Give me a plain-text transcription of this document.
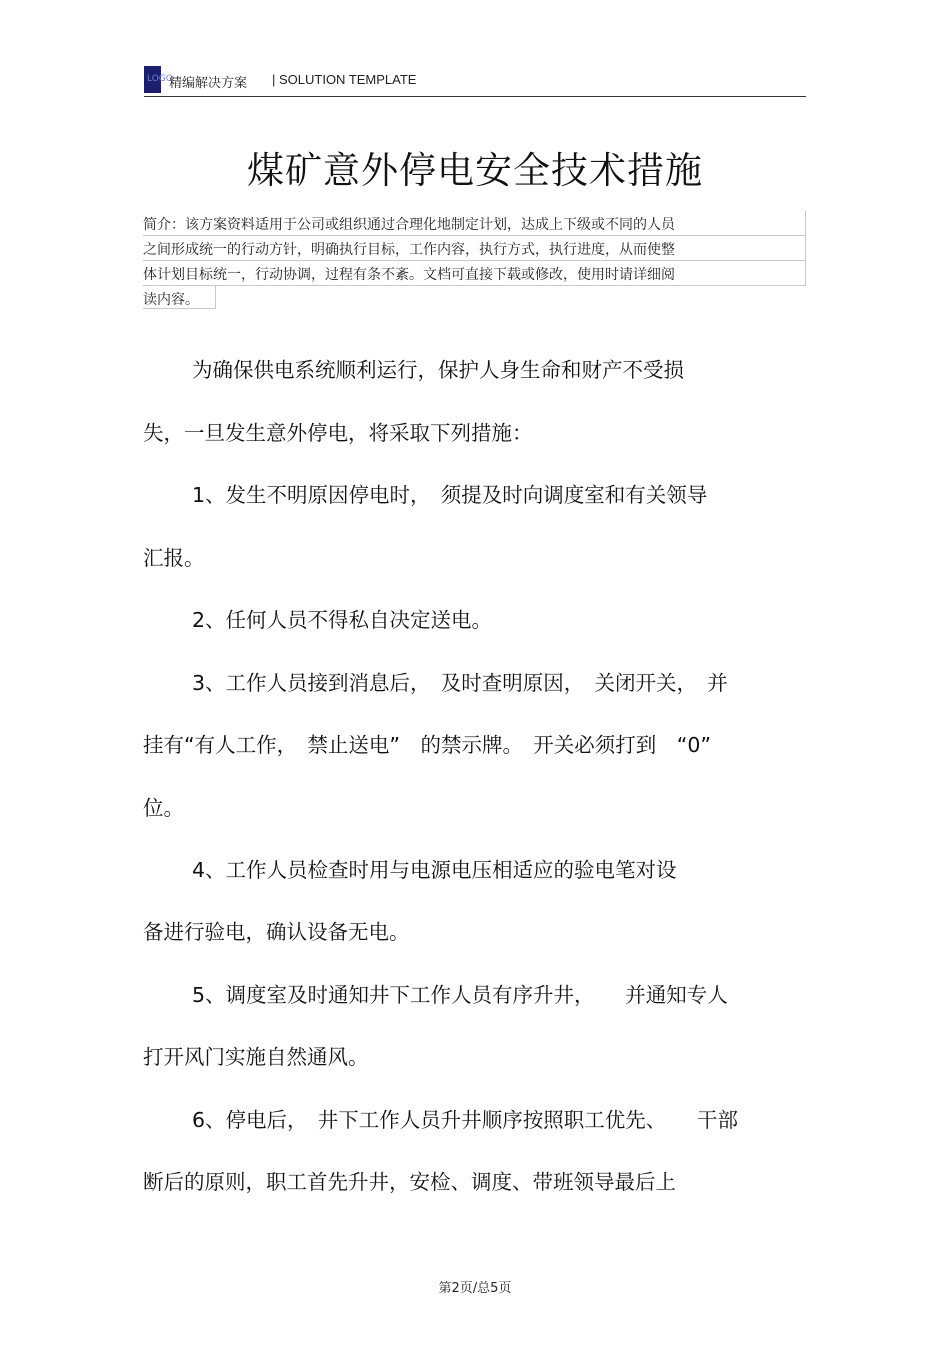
LOGO
精编解决方案 | SOLUTION TEMPLATE
煤矿意外停电安全技术措施
简介：该方案资料适用于公司或组织通过合理化地制定计划，达成上下级或不同的人员
之间形成统一的行动方针，明确执行目标，工作内容，执行方式，执行进度，从而使整
体计划目标统一，行动协调，过程有条不紊。文档可直接下载或修改，使用时请详细阅
读内容。
为确保供电系统顺利运行，保护人身生命和财产不受损
失，一旦发生意外停电，将采取下列措施：
1、发生不明原因停电时，　须提及时向调度室和有关领导
汇报。
2、任何人员不得私自决定送电。
3、工作人员接到消息后，　及时查明原因，　关闭开关，　并
挂有“有人工作，　禁止送电”　的禁示牌。　开关必须打到　“0”
位。
4、工作人员检查时用与电源电压相适应的验电笔对设
备进行验电，确认设备无电。
5、调度室及时通知井下工作人员有序升井，　　并通知专人
打开风门实施自然通风。
6、停电后，　井下工作人员升井顺序按照职工优先、　　干部
断后的原则，职工首先升井，安检、调度、带班领导最后上
第2页/总5页
